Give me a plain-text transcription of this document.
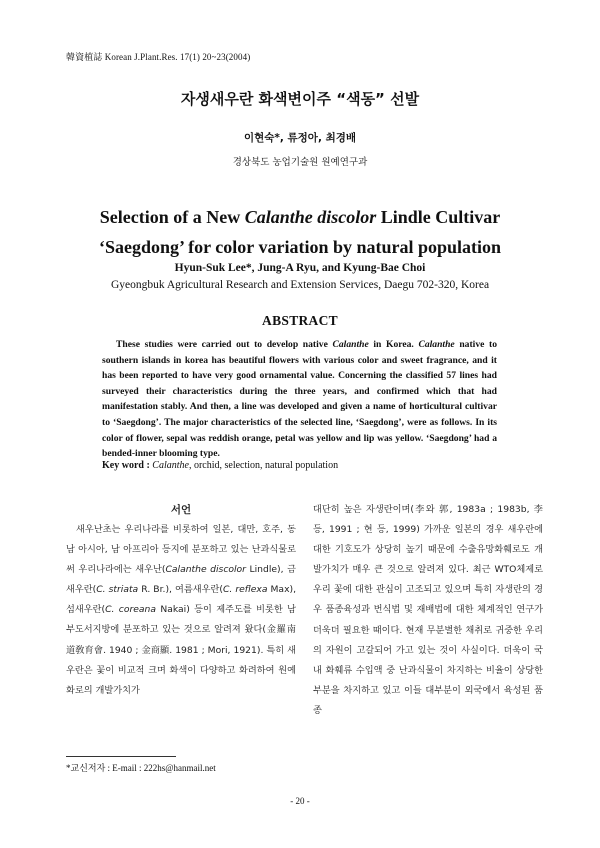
韓資植誌 Korean J.Plant.Res. 17(1) 20~23(2004)
자생새우란 화색변이주 “색동” 선발
이현숙*, 류정아, 최경배
경상북도 농업기술원 원예연구과
Selection of a New Calanthe discolor Lindle Cultivar
‘Saegdong’ for color variation by natural population
Hyun-Suk Lee*, Jung-A Ryu, and Kyung-Bae Choi
Gyeongbuk Agricultural Research and Extension Services, Daegu 702-320, Korea
ABSTRACT
These studies were carried out to develop native Calanthe in Korea. Calanthe native to southern islands in korea has beautiful flowers with various color and sweet fragrance, and it has been reported to have very good ornamental value. Concerning the classified 57 lines had surveyed their characteristics during the three years, and confirmed which that had manifestation stably. And then, a line was developed and given a name of horticultural cultivar to ‘Saegdong’. The major characteristics of the selected line, ‘Saegdong’, were as follows. In its color of flower, sepal was reddish orange, petal was yellow and lip was yellow. ‘Saegdong’ had a bended-inner blooming type.
Key word : Calanthe, orchid, selection, natural population
서언
새우난초는 우리나라를 비롯하여 일본, 대만, 호주, 동남 아시아, 남 아프리아 등지에 분포하고 있는 난과식물로써 우리나라에는 새우난(Calanthe discolor Lindle), 금새우란(C. striata R. Br.), 여름새우란(C. reflexa Max), 섬새우란(C. coreana Nakai) 등이 제주도를 비롯한 남부도서지방에 분포하고 있는 것으로 알려져 왔다(金羅南道敎育會. 1940 ; 金商顯. 1981 ; Mori, 1921). 특히 새우란은 꽃이 비교적 크며 화색이 다양하고 화려하여 원예화로의 개발가치가
대단히 높은 자생란이며(李와 郭, 1983a ; 1983b, 李 등, 1991 ; 현 등, 1999) 가까운 일본의 경우 새우란에 대한 기호도가 상당히 높기 때문에 수출유망화훼로도 개발가치가 매우 큰 것으로 알려져 있다. 최근 WTO체제로 우리 꽃에 대한 관심이 고조되고 있으며 특히 자생란의 경우 품종육성과 번식법 및 재배법에 대한 체계적인 연구가 더욱더 필요한 때이다. 현재 무분별한 채취로 귀중한 우리의 자원이 고갈되어 가고 있는 것이 사실이다. 더욱이 국내 화훼류 수입액 중 난과식물이 차지하는 비율이 상당한 부분을 차지하고 있고 이들 대부분이 외국에서 육성된 품종
*교신저자 : E-mail : 222hs@hanmail.net
- 20 -
